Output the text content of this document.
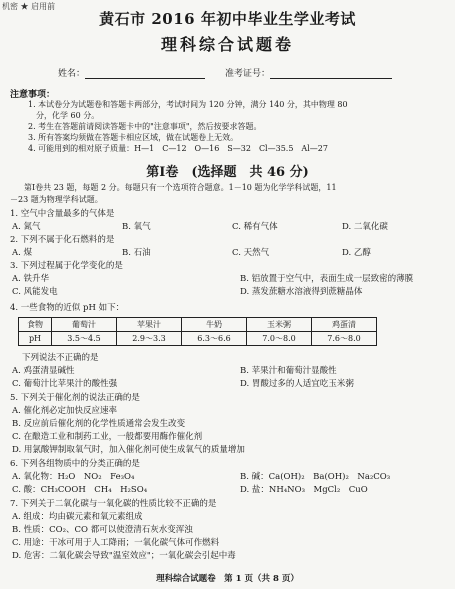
机密 ★ 启用前
黄石市 2016 年初中毕业生学业考试
理科综合试题卷
姓名：	准考证号：
注意事项：
1. 本试卷分为试题卷和答题卡两部分，考试时间为 120 分钟，满分 140 分，其中物理 80
分，化学 60 分。
2. 考生在答题前请阅读答题卡中的"注意事项"，然后按要求答题。
3. 所有答案均须做在答题卡相应区域，做在试题卷上无效。
4. 可能用到的相对原子质量：H—1　C—12　O—16　S—32　Cl—35.5　Al—27
第Ⅰ卷　(选择题　共 46 分)
第Ⅰ卷共 23 题，每题 2 分。每题只有一个选项符合题意。1－10 题为化学学科试题，11
－23 题为物理学科试题。
1. 空气中含量最多的气体是
A. 氮气	B. 氧气	C. 稀有气体	D. 二氧化碳
2. 下列不属于化石燃料的是
A. 煤	B. 石油	C. 天然气	D. 乙醇
3. 下列过程属于化学变化的是
A. 铁升华	B. 铝放置于空气中，表面生成一层致密的薄膜
C. 风能发电	D. 蒸发蔗糖水溶液得到蔗糖晶体
4. 一些食物的近似 pH 如下：
食物	葡萄汁	苹果汁	牛奶	玉米粥	鸡蛋清
pH	3.5～4.5	2.9～3.3	6.3～6.6	7.0～8.0	7.6～8.0
下列说法不正确的是
A. 鸡蛋清显碱性	B. 苹果汁和葡萄汁显酸性
C. 葡萄汁比苹果汁的酸性强	D. 胃酸过多的人适宜吃玉米粥
5. 下列关于催化剂的说法正确的是
A. 催化剂必定加快反应速率
B. 反应前后催化剂的化学性质通常会发生改变
C. 在酿造工业和制药工业，一般都要用酶作催化剂
D. 用氯酸钾制取氧气时，加入催化剂可使生成氧气的质量增加
6. 下列各组物质中的分类正确的是
A. 氧化物：H₂O　NO₂　Fe₃O₄	B. 碱：Ca(OH)₂　Ba(OH)₂　Na₂CO₃
C. 酸：CH₃COOH　CH₄　H₂SO₄	D. 盐：NH₄NO₃　MgCl₂　CuO
7. 下列关于二氧化碳与一氧化碳的性质比较不正确的是
A. 组成：均由碳元素和氧元素组成
B. 性质：CO₂、CO 都可以使澄清石灰水变浑浊
C. 用途：干冰可用于人工降雨；一氧化碳气体可作燃料
D. 危害：二氧化碳会导致"温室效应"；一氧化碳会引起中毒
理科综合试题卷　第 1 页（共 8 页）
